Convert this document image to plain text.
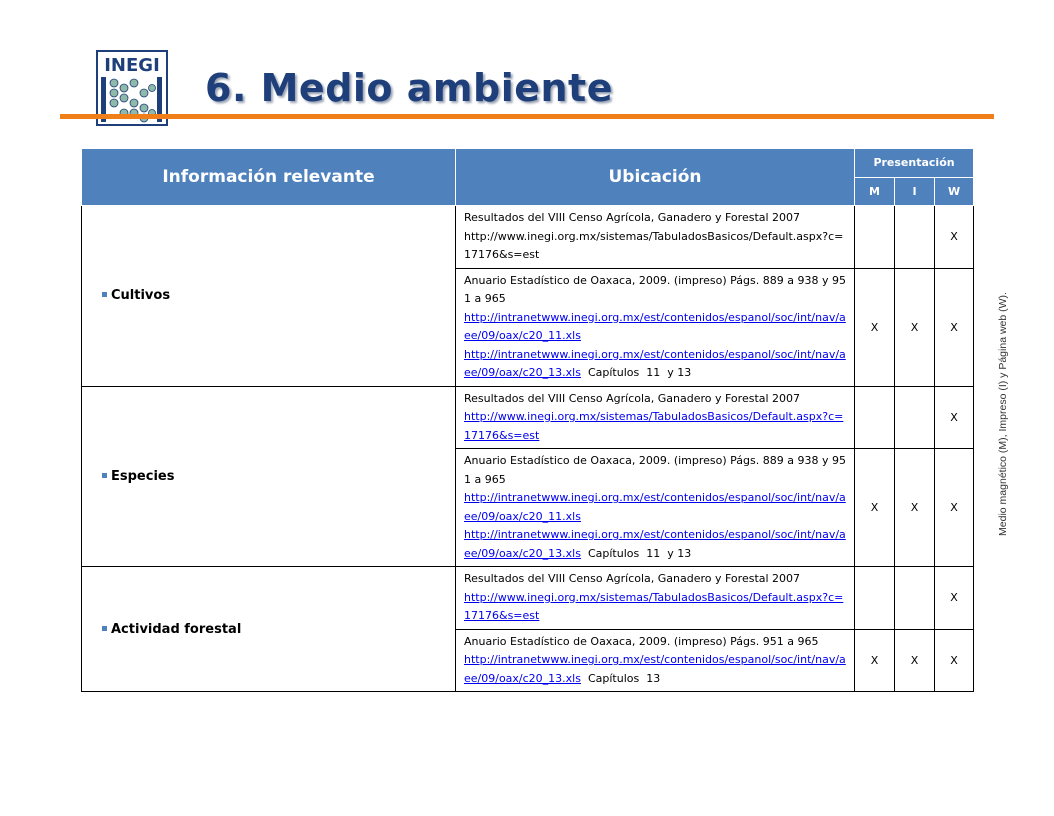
INEGI
6. Medio ambiente
Medio magnético (M), Impreso (I) y Página web (W).
Información relevante	Ubicación	Presentación		
		M	I	W
Cultivos	Resultados del VIII Censo Agrícola, Ganadero y Forestal 2007
http://www.inegi.org.mx/sistemas/TabuladosBasicos/Default.aspx?c=17176&s=est			X

	Anuario Estadístico de Oaxaca, 2009. (impreso) Págs. 889 a 938 y 951 a 965
http://intranetwww.inegi.org.mx/est/contenidos/espanol/soc/int/nav/aee/09/oax/c20_11.xls
http://intranetwww.inegi.org.mx/est/contenidos/espanol/soc/int/nav/aee/09/oax/c20_13.xls  Capítulos  11  y 13	X	X	X
Especies	Resultados del VIII Censo Agrícola, Ganadero y Forestal 2007
http://www.inegi.org.mx/sistemas/TabuladosBasicos/Default.aspx?c=17176&s=est			X

	Anuario Estadístico de Oaxaca, 2009. (impreso) Págs. 889 a 938 y 951 a 965
http://intranetwww.inegi.org.mx/est/contenidos/espanol/soc/int/nav/aee/09/oax/c20_11.xls
http://intranetwww.inegi.org.mx/est/contenidos/espanol/soc/int/nav/aee/09/oax/c20_13.xls  Capítulos  11  y 13	X	X	X
Actividad forestal	Resultados del VIII Censo Agrícola, Ganadero y Forestal 2007
http://www.inegi.org.mx/sistemas/TabuladosBasicos/Default.aspx?c=17176&s=est			X

	Anuario Estadístico de Oaxaca, 2009. (impreso) Págs. 951 a 965
http://intranetwww.inegi.org.mx/est/contenidos/espanol/soc/int/nav/aee/09/oax/c20_13.xls  Capítulos  13	X	X	X
